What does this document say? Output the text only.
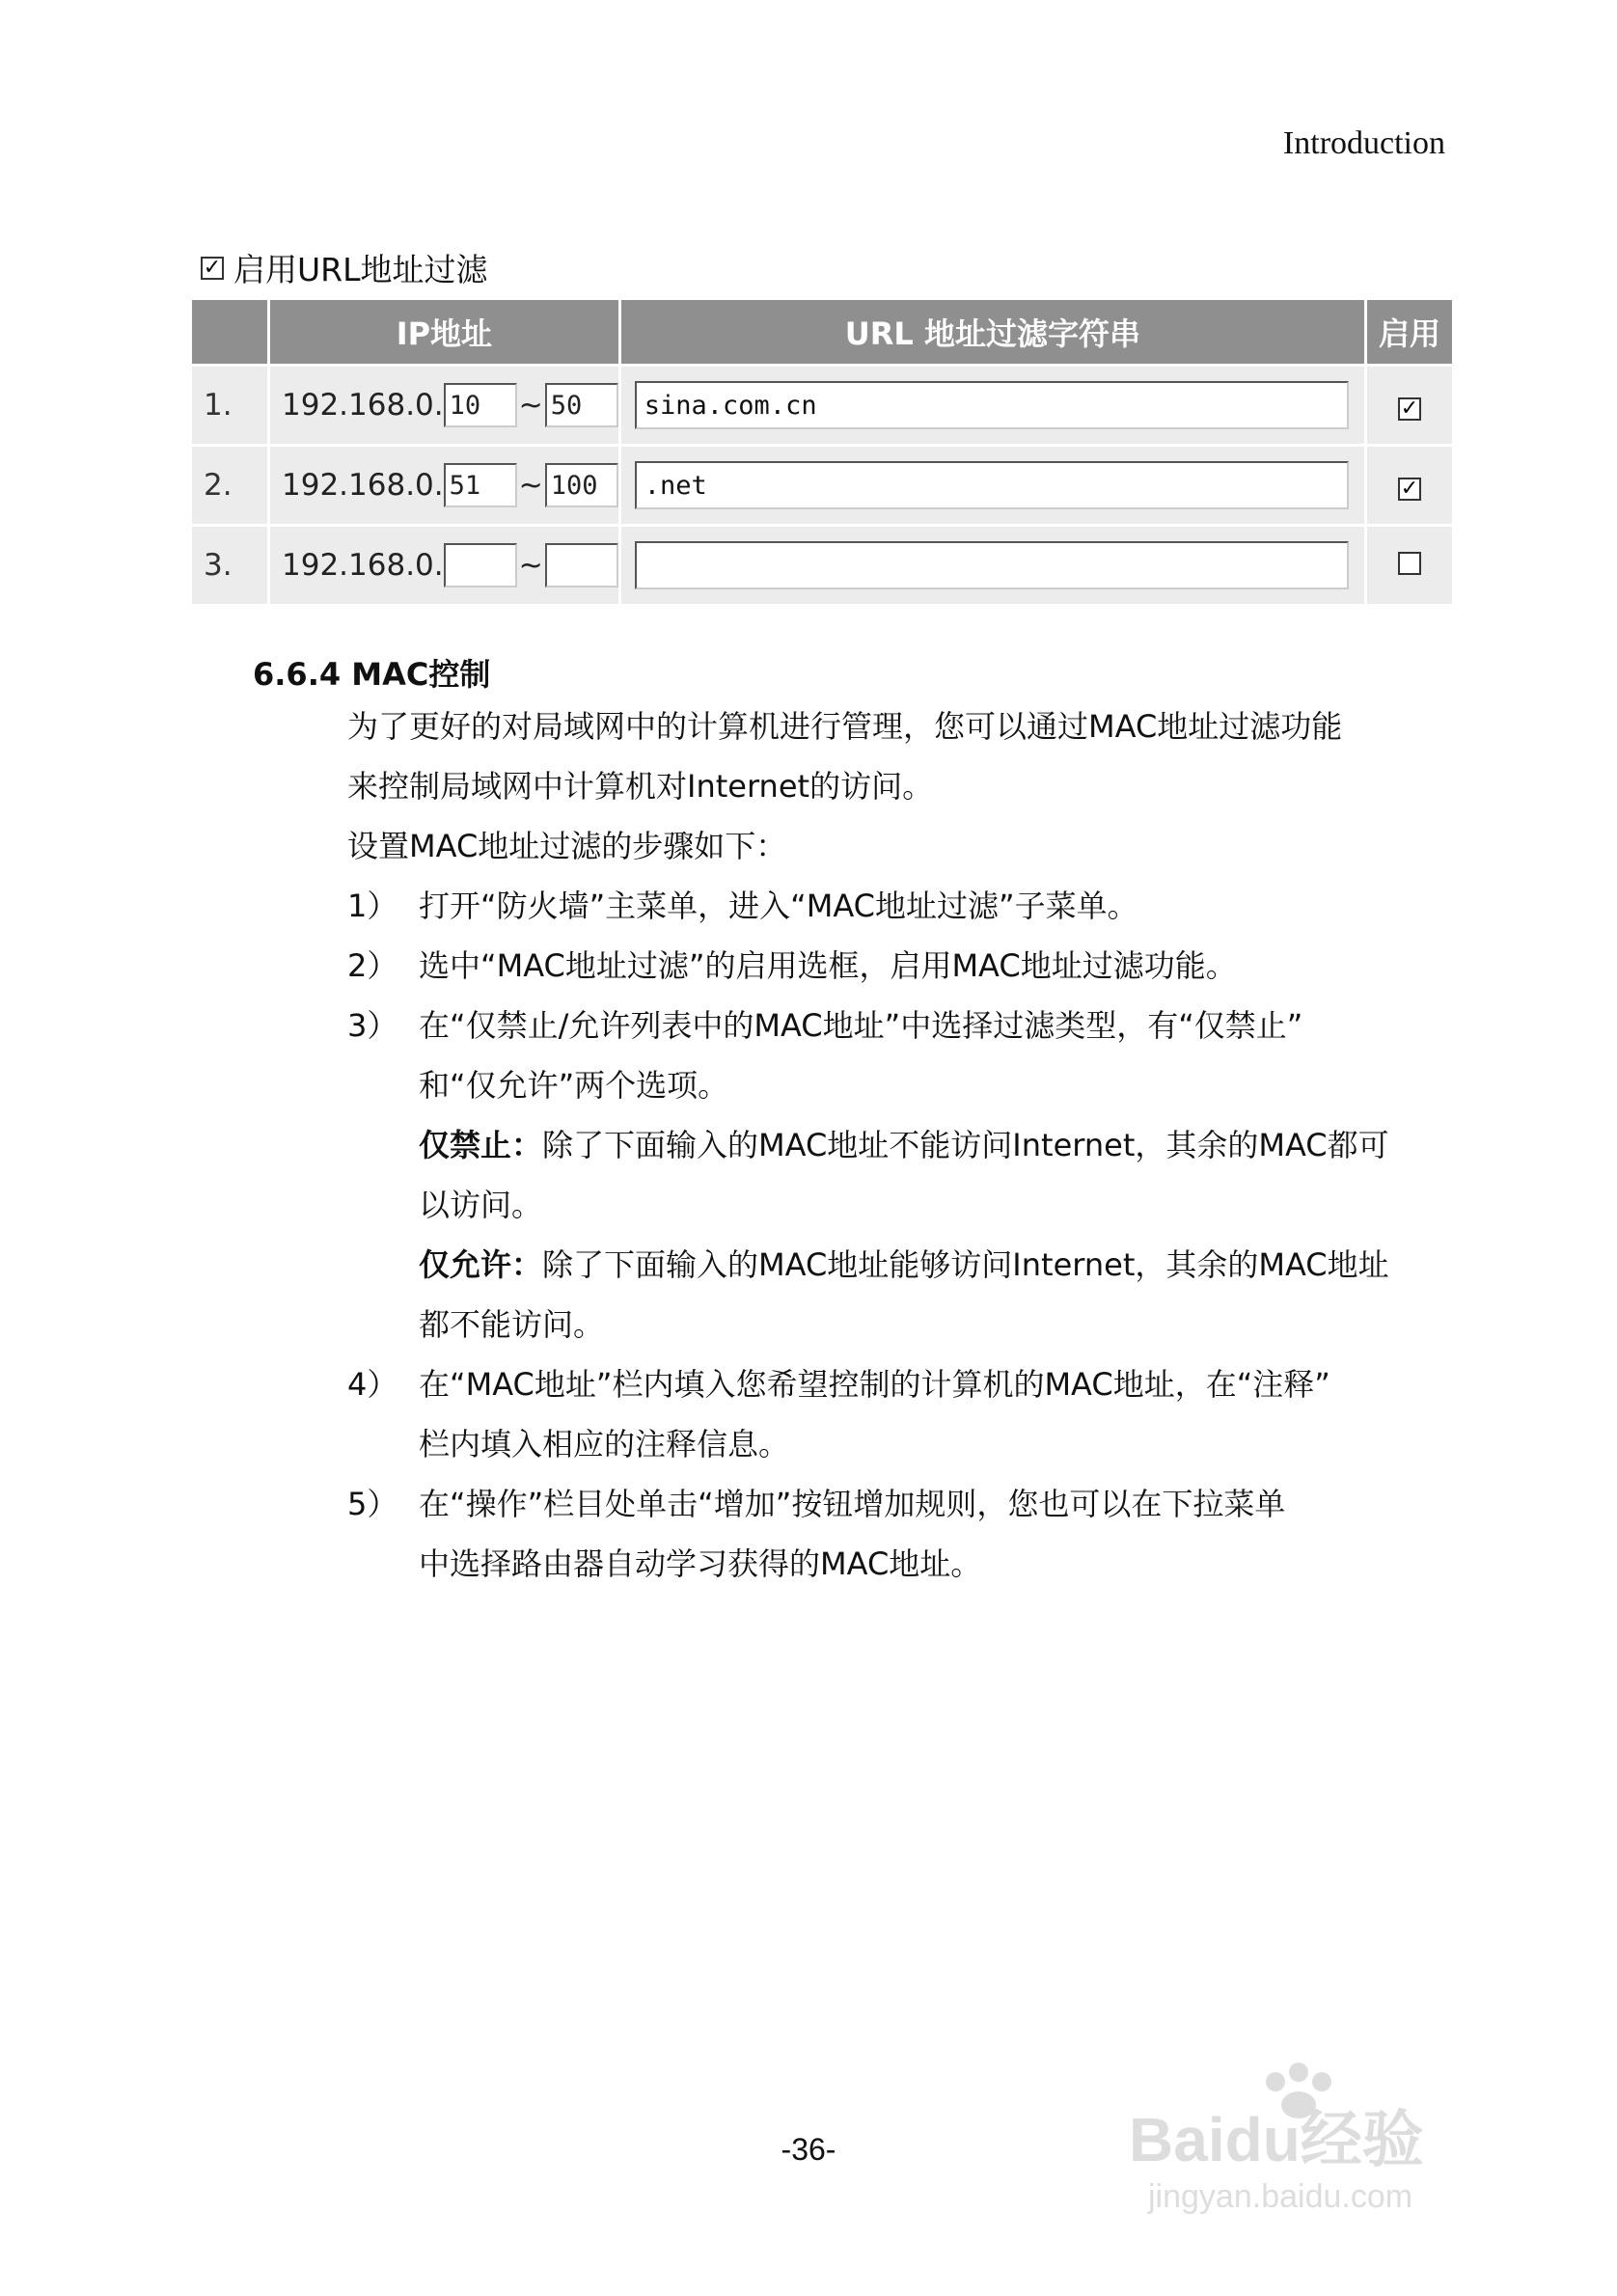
Introduction
✓ 启用URL地址过滤
	IP地址	URL 地址过滤字符串	启用
1.	192.168.0. 10 ~ 50	sina.com.cn	✓
2.	192.168.0. 51 ~ 100	.net	✓
3.	192.168.0. ~		

6.6.4 MAC控制
为了更好的对局域网中的计算机进行管理，您可以通过MAC地址过滤功能
来控制局域网中计算机对Internet的访问。
设置MAC地址过滤的步骤如下：
1） 打开“防火墙”主菜单，进入“MAC地址过滤”子菜单。
2） 选中“MAC地址过滤”的启用选框，启用MAC地址过滤功能。
3） 在“仅禁止/允许列表中的MAC地址”中选择过滤类型，有“仅禁止”
和“仅允许”两个选项。
仅禁止：除了下面输入的MAC地址不能访问Internet，其余的MAC都可
以访问。
仅允许：除了下面输入的MAC地址能够访问Internet，其余的MAC地址
都不能访问。
4） 在“MAC地址”栏内填入您希望控制的计算机的MAC地址，在“注释”
栏内填入相应的注释信息。
5） 在“操作”栏目处单击“增加”按钮增加规则，您也可以在下拉菜单
中选择路由器自动学习获得的MAC地址。
-36-	Baidu经验
jingyan.baidu.com
